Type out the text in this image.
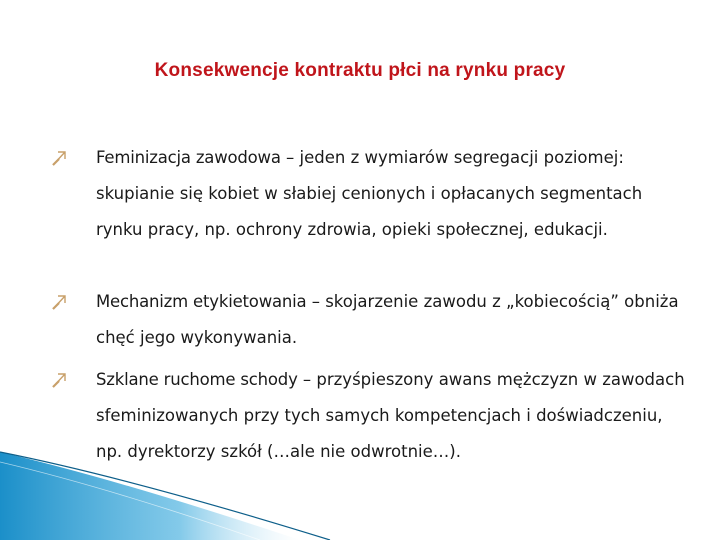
Konsekwencje kontraktu płci na rynku pracy
Feminizacja zawodowa – jeden z wymiarów segregacji poziomej: skupianie się kobiet w słabiej cenionych i opłacanych segmentach rynku pracy, np. ochrony zdrowia, opieki społecznej, edukacji.
Mechanizm etykietowania – skojarzenie zawodu z „kobiecością” obniża chęć jego wykonywania.
Szklane ruchome schody – przyśpieszony awans mężczyzn w zawodach sfeminizowanych przy tych samych kompetencjach i doświadczeniu, np. dyrektorzy szkół (…ale nie odwrotnie…).
